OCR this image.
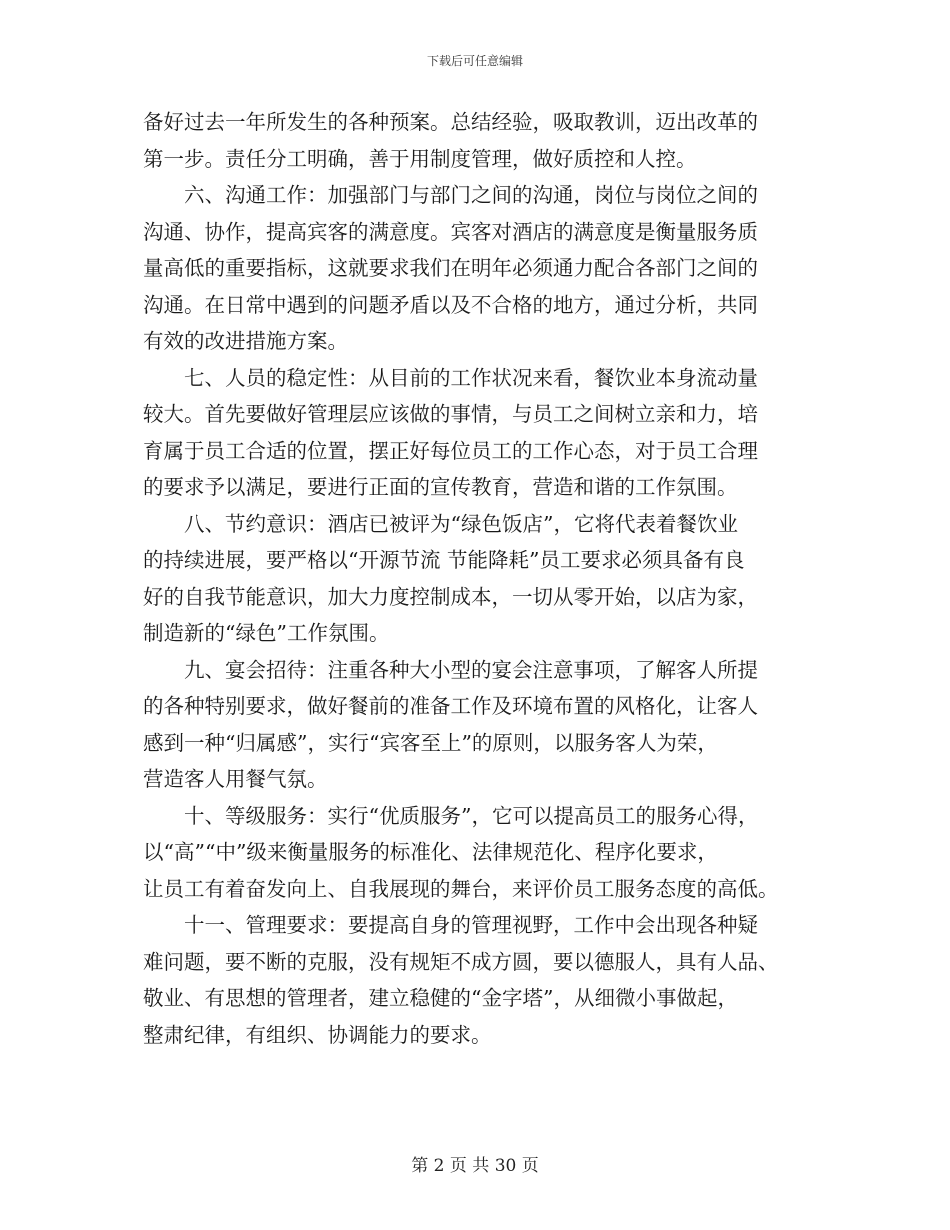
下载后可任意编辑
备好过去一年所发生的各种预案。总结经验，吸取教训，迈出改革的
第一步。责任分工明确，善于用制度管理，做好质控和人控。
　　六、沟通工作：加强部门与部门之间的沟通，岗位与岗位之间的
沟通、协作，提高宾客的满意度。宾客对酒店的满意度是衡量服务质
量高低的重要指标，这就要求我们在明年必须通力配合各部门之间的
沟通。在日常中遇到的问题矛盾以及不合格的地方，通过分析，共同
有效的改进措施方案。
　　七、人员的稳定性：从目前的工作状况来看，餐饮业本身流动量
较大。首先要做好管理层应该做的事情，与员工之间树立亲和力，培
育属于员工合适的位置，摆正好每位员工的工作心态，对于员工合理
的要求予以满足，要进行正面的宣传教育，营造和谐的工作氛围。
　　八、节约意识：酒店已被评为“绿色饭店”，它将代表着餐饮业
的持续进展，要严格以“开源节流 节能降耗”员工要求必须具备有良
好的自我节能意识，加大力度控制成本，一切从零开始，以店为家，
制造新的“绿色”工作氛围。
　　九、宴会招待：注重各种大小型的宴会注意事项，了解客人所提
的各种特别要求，做好餐前的准备工作及环境布置的风格化，让客人
感到一种“归属感”，实行“宾客至上”的原则，以服务客人为荣，
营造客人用餐气氛。
　　十、等级服务：实行“优质服务”，它可以提高员工的服务心得，
以“高”“中”级来衡量服务的标准化、法律规范化、程序化要求，
让员工有着奋发向上、自我展现的舞台，来评价员工服务态度的高低。
　　十一、管理要求：要提高自身的管理视野，工作中会出现各种疑
难问题，要不断的克服，没有规矩不成方圆，要以德服人，具有人品、
敬业、有思想的管理者，建立稳健的“金字塔”，从细微小事做起，
整肃纪律，有组织、协调能力的要求。
第 2 页 共 30 页
